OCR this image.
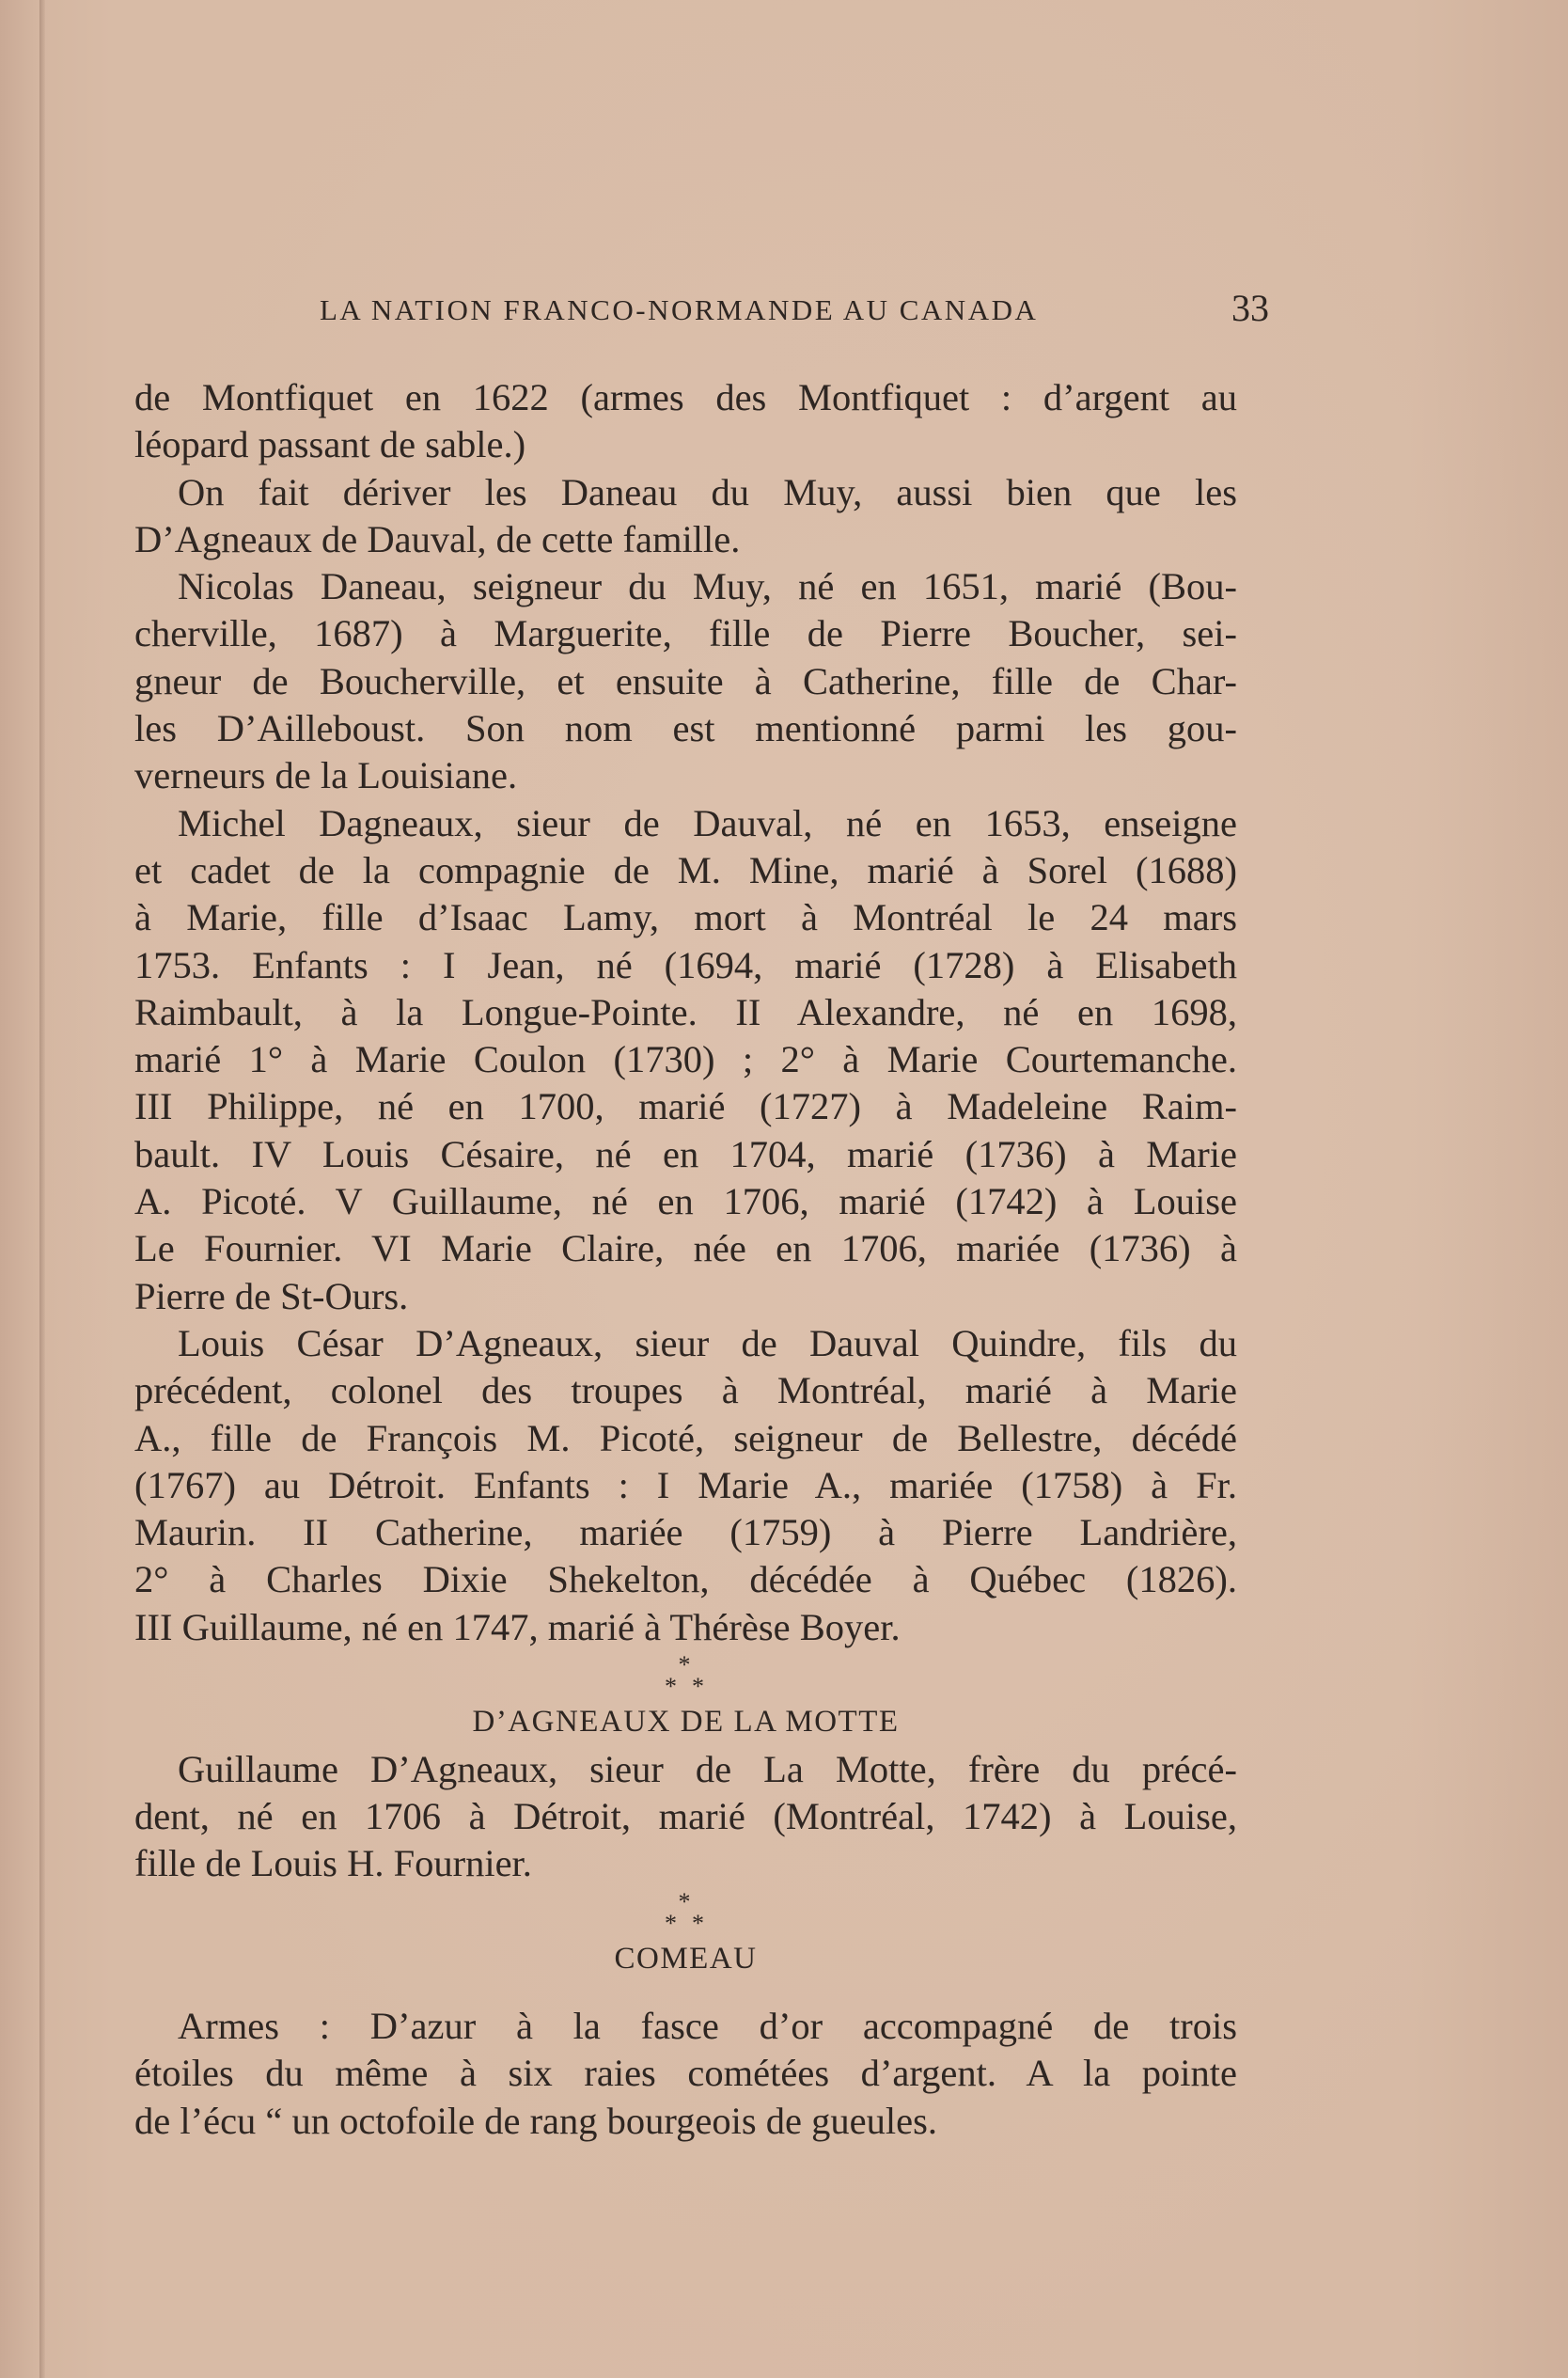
LA NATION FRANCO-NORMANDE AU CANADA	33
de Montfiquet en 1622 (armes des Montfiquet : d’argent au
léopard passant de sable.)
On fait dériver les Daneau du Muy, aussi bien que les
D’Agneaux de Dauval, de cette famille.
Nicolas Daneau, seigneur du Muy, né en 1651, marié (Bou-
cherville, 1687) à Marguerite, fille de Pierre Boucher, sei-
gneur de Boucherville, et ensuite à Catherine, fille de Char-
les D’Ailleboust. Son nom est mentionné parmi les gou-
verneurs de la Louisiane.
Michel Dagneaux, sieur de Dauval, né en 1653, enseigne
et cadet de la compagnie de M. Mine, marié à Sorel (1688)
à Marie, fille d’Isaac Lamy, mort à Montréal le 24 mars
1753. Enfants : I Jean, né (1694, marié (1728) à Elisabeth
Raimbault, à la Longue-Pointe. II Alexandre, né en 1698,
marié 1° à Marie Coulon (1730) ; 2° à Marie Courtemanche.
III Philippe, né en 1700, marié (1727) à Madeleine Raim-
bault. IV Louis Césaire, né en 1704, marié (1736) à Marie
A. Picoté. V Guillaume, né en 1706, marié (1742) à Louise
Le Fournier. VI Marie Claire, née en 1706, mariée (1736) à
Pierre de St-Ours.
Louis César D’Agneaux, sieur de Dauval Quindre, fils du
précédent, colonel des troupes à Montréal, marié à Marie
A., fille de François M. Picoté, seigneur de Bellestre, décédé
(1767) au Détroit. Enfants : I Marie A., mariée (1758) à Fr.
Maurin. II Catherine, mariée (1759) à Pierre Landrière,
2° à Charles Dixie Shekelton, décédée à Québec (1826).
III Guillaume, né en 1747, marié à Thérèse Boyer.
*
**
D’AGNEAUX DE LA MOTTE
Guillaume D’Agneaux, sieur de La Motte, frère du précé-
dent, né en 1706 à Détroit, marié (Montréal, 1742) à Louise,
fille de Louis H. Fournier.
*
**
COMEAU
Armes : D’azur à la fasce d’or accompagné de trois
étoiles du même à six raies cométées d’argent. A la pointe
de l’écu “ un octofoile de rang bourgeois de gueules.
